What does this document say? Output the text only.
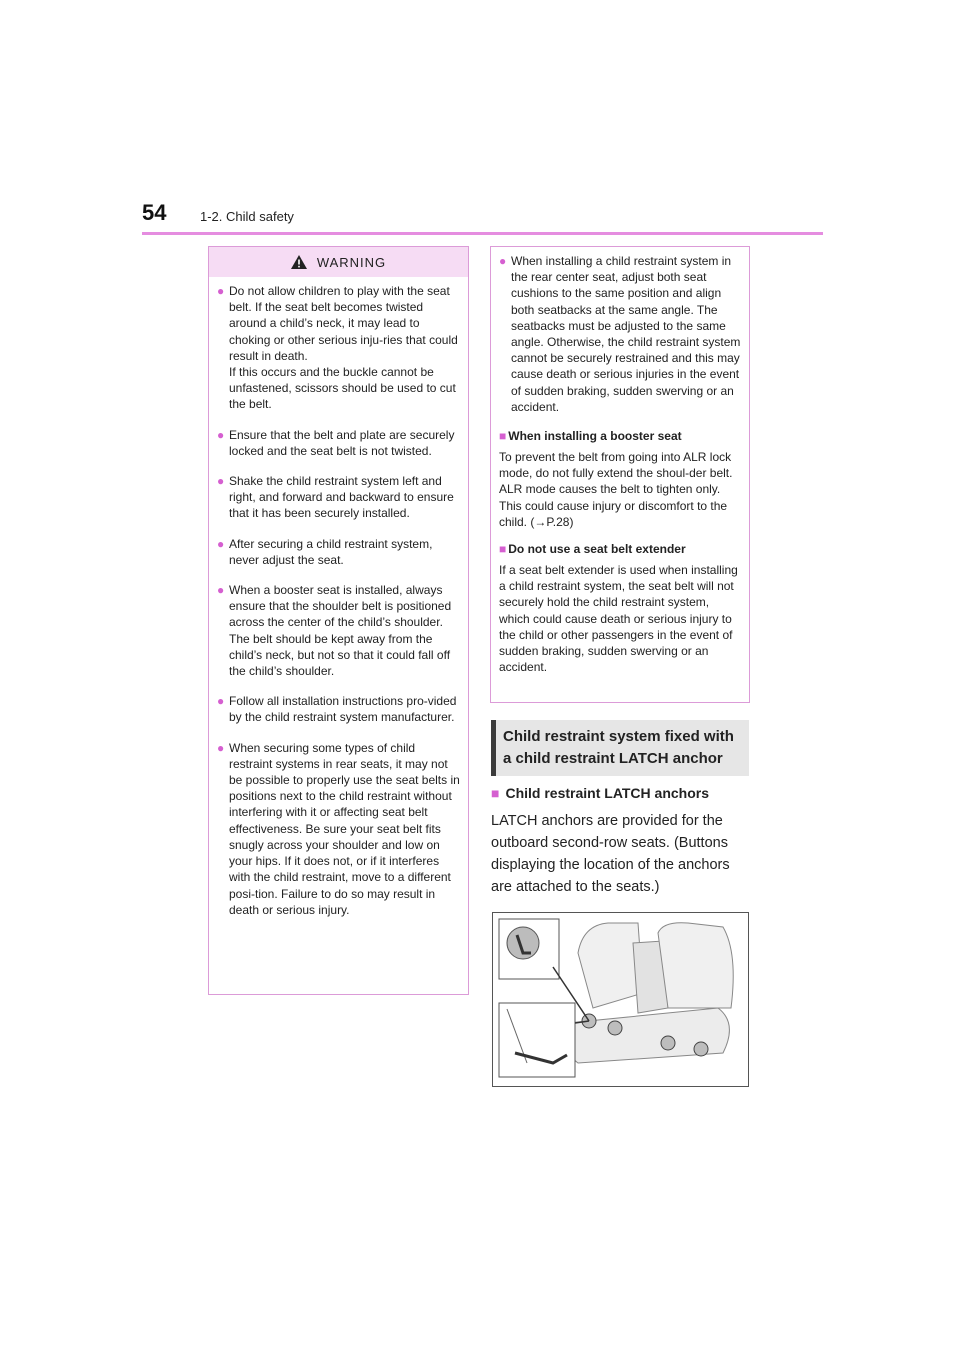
54	1-2. Child safety
WARNING
● Do not allow children to play with the seat belt. If the seat belt becomes twisted around a child’s neck, it may lead to choking or other serious inju-ries that could result in death.
If this occurs and the buckle cannot be unfastened, scissors should be used to cut the belt.

● Ensure that the belt and plate are securely locked and the seat belt is not twisted.

● Shake the child restraint system left and right, and forward and backward to ensure that it has been securely installed.

● After securing a child restraint system, never adjust the seat.

● When a booster seat is installed, always ensure that the shoulder belt is positioned across the center of the child’s shoulder. The belt should be kept away from the child’s neck, but not so that it could fall off the child’s shoulder.

● Follow all installation instructions pro-vided by the child restraint system manufacturer.

● When securing some types of child restraint systems in rear seats, it may not be possible to properly use the seat belts in positions next to the child restraint without interfering with it or affecting seat belt effectiveness. Be sure your seat belt fits snugly across your shoulder and low on your hips. If it does not, or if it interferes with the child restraint, move to a different posi-tion. Failure to do so may result in death or serious injury.

● When installing a child restraint system in the rear center seat, adjust both seat cushions to the same position and align both seatbacks at the same angle. The seatbacks must be adjusted to the same angle. Otherwise, the child restraint system cannot be securely restrained and this may cause death or serious injuries in the event of sudden braking, sudden swerving or an accident.

■ When installing a booster seat

To prevent the belt from going into ALR lock mode, do not fully extend the shoul-der belt. ALR mode causes the belt to tighten only. This could cause injury or discomfort to the child. (→P.28)

■ Do not use a seat belt extender

If a seat belt extender is used when installing a child restraint system, the seat belt will not securely hold the child restraint system, which could cause death or serious injury to the child or other passengers in the event of sudden braking, sudden swerving or an accident.

Child restraint system fixed with a child restraint LATCH anchor
■ Child restraint LATCH anchors
LATCH anchors are provided for the outboard second-row seats. (Buttons displaying the location of the anchors are attached to the seats.)
